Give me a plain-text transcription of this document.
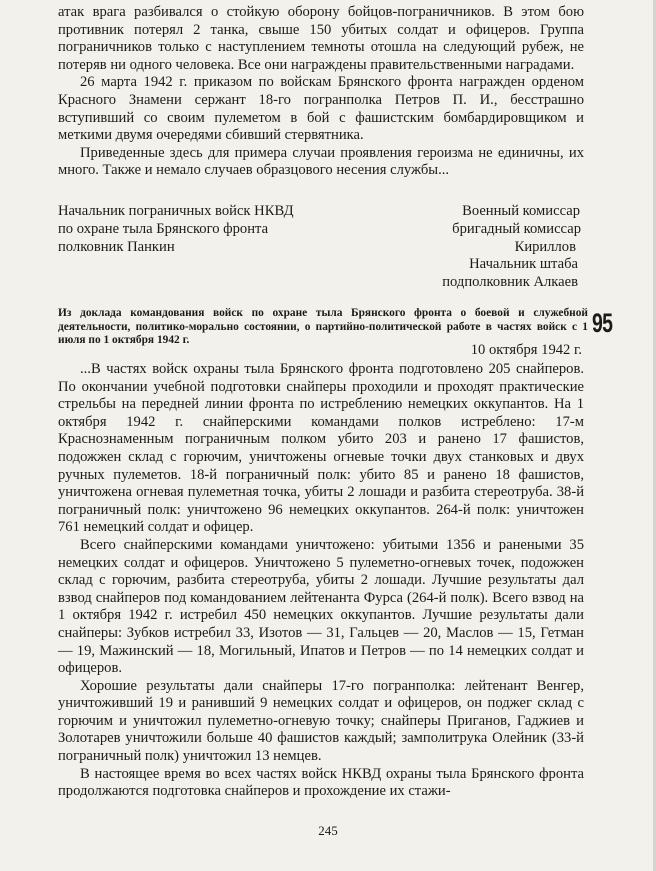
атак врага разбивался о стойкую оборону бойцов-пограничников. В этом бою противник потерял 2 танка, свыше 150 убитых солдат и офицеров. Группа пограничников только с наступлением темноты отошла на следующий рубеж, не потеряв ни одного человека. Все они награждены правительственными наградами.

26 марта 1942 г. приказом по войскам Брянского фронта награжден орденом Красного Знамени сержант 18-го погранполка Петров П. И., бесстрашно вступивший со своим пулеметом в бой с фашистским бомбардировщиком и меткими двумя очередями сбивший стервятника.

Приведенные здесь для примера случаи проявления героизма не единичны, их много. Также и немало случаев образцового несения службы...

Начальник пограничных войск НКВД	Военный комиссар
по охране тыла Брянского фронта	бригадный комиссар
полковник Панкин	Кириллов
Начальник штаба
подполковник Алкаев
Из доклада командования войск по охране тыла Брянского фронта о боевой и служебной деятельности, политико-морально состоянии, о партийно-политической работе в частях войск с 1 июля по 1 октября 1942 г.
95
10 октября 1942 г.

...В частях войск охраны тыла Брянского фронта подготовлено 205 снайперов. По окончании учебной подготовки снайперы проходили и проходят практические стрельбы на передней линии фронта по истреблению немецких оккупантов. На 1 октября 1942 г. снайперскими командами полков истреблено: 17-м Краснознаменным пограничным полком убито 203 и ранено 17 фашистов, подожжен склад с горючим, уничтожены огневые точки двух станковых и двух ручных пулеметов. 18-й пограничный полк: убито 85 и ранено 18 фашистов, уничтожена огневая пулеметная точка, убиты 2 лошади и разбита стереотруба. 38-й пограничный полк: уничтожено 96 немецких оккупантов. 264-й полк: уничтожен 761 немецкий солдат и офицер.

Всего снайперскими командами уничтожено: убитыми 1356 и ранеными 35 немецких солдат и офицеров. Уничтожено 5 пулеметно-огневых точек, подожжен склад с горючим, разбита стереотруба, убиты 2 лошади. Лучшие результаты дал взвод снайперов под командованием лейтенанта Фурса (264-й полк). Всего взвод на 1 октября 1942 г. истребил 450 немецких оккупантов. Лучшие результаты дали снайперы: Зубков истребил 33, Изотов — 31, Гальцев — 20, Маслов — 15, Гетман — 19, Мажинский — 18, Могильный, Ипатов и Петров — по 14 немецких солдат и офицеров.

Хорошие результаты дали снайперы 17-го погранполка: лейтенант Венгер, уничтоживший 19 и ранивший 9 немецких солдат и офицеров, он поджег склад с горючим и уничтожил пулеметно-огневую точку; снайперы Приганов, Гаджиев и Золотарев уничтожили больше 40 фашистов каждый; замполитрука Олейник (33-й пограничный полк) уничтожил 13 немцев.

В настоящее время во всех частях войск НКВД охраны тыла Брянского фронта продолжаются подготовка снайперов и прохождение их стажи-

245
